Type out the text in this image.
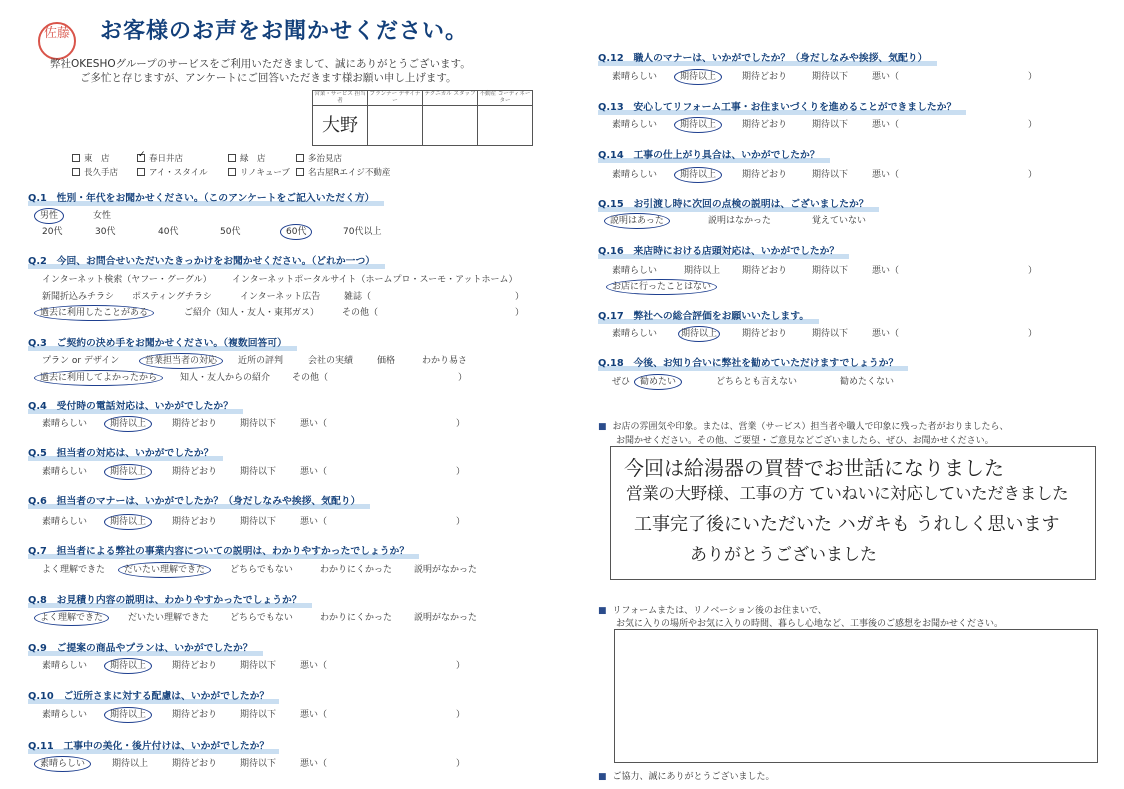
佐藤 お客様のお声をお聞かせください。
弊社OKESHOグループのサービスをご利用いただきまして、誠にありがとうございます。
ご多忙と存じますが、アンケートにご回答いただきます様お願い申し上げます。
営業・サービス 担当者	プランナー デザイナー	テクニカル スタッフ	不動産 コーディネーター
大野			
東　店 ✓	春日井店	緑　店	多治見店
長久手店	アイ・スタイル	リノキューブ	名古屋Rエイジ不動産
Q.1　性別・年代をお聞かせください。（このアンケートをご記入いただく方）
男性	女性
20代	30代	40代	50代	60代	70代以上
Q.2　今回、お問合せいただいたきっかけをお聞かせください。（どれか一つ）
インターネット検索（ヤフー・グーグル） インターネットポータルサイト（ホームプロ・スーモ・アットホーム）
新聞折込みチラシ ポスティングチラシ	インターネット広告	雑誌（	）
過去に利用したことがある	ご紹介（知人・友人・東邦ガス）	その他（	）
Q.3　ご契約の決め手をお聞かせください。（複数回答可）
プラン or デザイン	営業担当者の対応	近所の評判	会社の実績	価格	わかり易さ
過去に利用してよかったから	知人・友人からの紹介 その他（	）
Q.4　受付時の電話対応は、いかがでしたか？
素晴らしい	期待以上	期待どおり	期待以下	悪い（	）
Q.5　担当者の対応は、いかがでしたか？
素晴らしい	期待以上	期待どおり	期待以下	悪い（	）
Q.6　担当者のマナーは、いかがでしたか？（身だしなみや挨拶、気配り）
素晴らしい	期待以上	期待どおり	期待以下	悪い（	）
Q.7　担当者による弊社の事業内容についての説明は、わかりやすかったでしょうか？
よく理解できた だいたい理解できた	どちらでもない	わかりにくかった 説明がなかった
Q.8　お見積り内容の説明は、わかりやすかったでしょうか？
よく理解できた	だいたい理解できた どちらでもない	わかりにくかった 説明がなかった
Q.9　ご提案の商品やプランは、いかがでしたか？
素晴らしい	期待以上	期待どおり	期待以下	悪い（	）
Q.10　ご近所さまに対する配慮は、いかがでしたか？
素晴らしい	期待以上	期待どおり	期待以下	悪い（	）
Q.11　工事中の美化・後片付けは、いかがでしたか？
素晴らしい	期待以上	期待どおり	期待以下	悪い（	）
Q.12　職人のマナーは、いかがでしたか？（身だしなみや挨拶、気配り）
素晴らしい	期待以上	期待どおり	期待以下	悪い（	）
Q.13　安心してリフォーム工事・お住まいづくりを進めることができましたか？
素晴らしい	期待以上	期待どおり	期待以下	悪い（	）
Q.14　工事の仕上がり具合は、いかがでしたか？
素晴らしい	期待以上	期待どおり	期待以下	悪い（	）
Q.15　お引渡し時に次回の点検の説明は、ございましたか？
説明はあった	説明はなかった	覚えていない
Q.16　来店時における店頭対応は、いかがでしたか？
素晴らしい	期待以上 期待どおり	期待以下	悪い（	）
お店に行ったことはない
Q.17　弊社への総合評価をお願いいたします。
素晴らしい	期待以上	期待どおり	期待以下	悪い（	）
Q.18　今後、お知り合いに弊社を勧めていただけますでしょうか？
ぜひ 勧めたい	どちらとも言えない	勧めたくない
■ お店の雰囲気や印象。または、営業（サービス）担当者や職人で印象に残った者がおりましたら、
お聞かせください。その他、ご要望・ご意見などございましたら、ぜひ、お聞かせください。
今回は給湯器の買替でお世話になりました
営業の大野様、工事の方 ていねいに対応していただきました
工事完了後にいただいた ハガキも うれしく思います
ありがとうございました
■ リフォームまたは、リノベーション後のお住まいで、
お気に入りの場所やお気に入りの時間、暮らし心地など、工事後のご感想をお聞かせください。
■ ご協力、誠にありがとうございました。
